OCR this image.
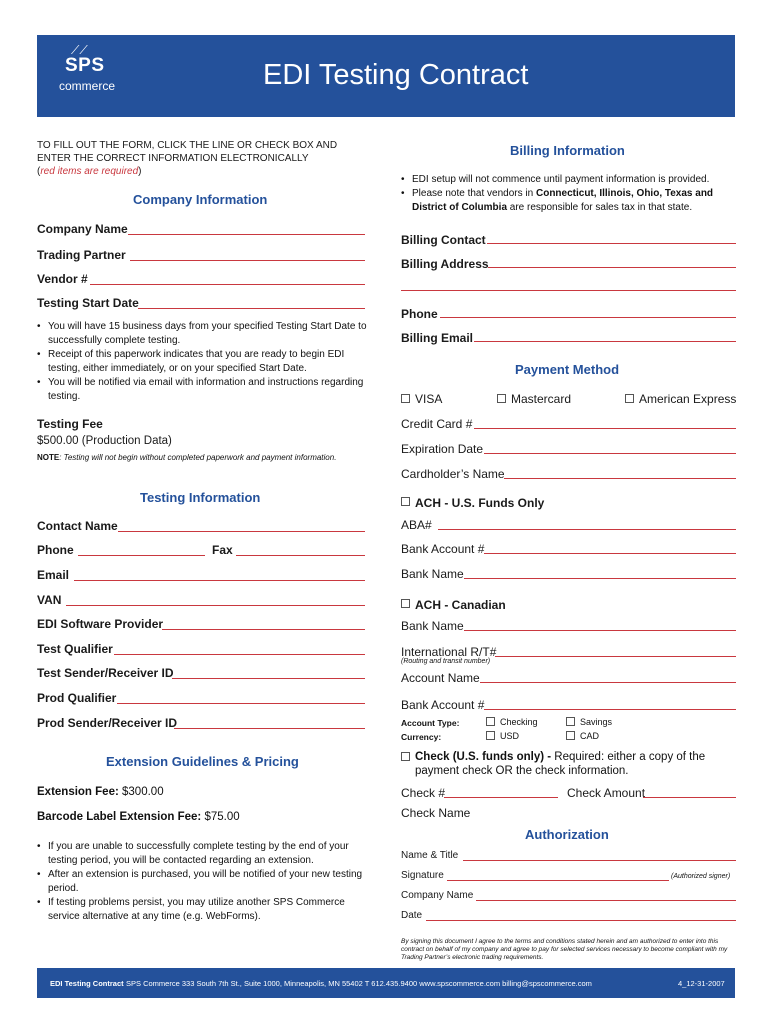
⟋⟋
SPS
commerce	EDI Testing Contract
TO FILL OUT THE FORM, CLICK THE LINE OR CHECK BOX AND
ENTER THE CORRECT INFORMATION ELECTRONICALLY
(red items are required)
Company Information
Company Name
Trading Partner
Vendor #
Testing Start Date
• You will have 15 business days from your specified Testing Start Date to successfully complete testing.
• Receipt of this paperwork indicates that you are ready to begin EDI testing, either immediately, or on your specified Start Date.
• You will be notified via email with information and instructions regarding testing.
Testing Fee
$500.00 (Production Data)
NOTE: Testing will not begin without completed paperwork and payment information.
Testing Information
Contact Name
Phone	Fax
Email
VAN
EDI Software Provider
Test Qualifier
Test Sender/Receiver ID
Prod Qualifier
Prod Sender/Receiver ID
Extension Guidelines & Pricing
Extension Fee: $300.00
Barcode Label Extension Fee: $75.00
• If you are unable to successfully complete testing by the end of your testing period, you will be contacted regarding an extension.
• After an extension is purchased, you will be notified of your new testing period.
• If testing problems persist, you may utilize another SPS Commerce service alternative at any time (e.g. WebForms).
Billing Information
• EDI setup will not commence until payment information is provided.
• Please note that vendors in Connecticut, Illinois, Ohio, Texas and District of Columbia are responsible for sales tax in that state.
Billing Contact
Billing Address
Phone
Billing Email
Payment Method
VISA	Mastercard	American Express
Credit Card #
Expiration Date
Cardholder’s Name
ACH - U.S. Funds Only
ABA#
Bank Account #
Bank Name
ACH - Canadian
Bank Name
International R/T#
(Routing and transit number)
Account Name
Bank Account #
Account Type:	Checking	Savings
Currency:	USD	CAD
Check (U.S. funds only) - Required: either a copy of the payment check OR the check information.
Check #	Check Amount
Check Name
Authorization
Name & Title
Signature	(Authorized signer)
Company Name
Date
By signing this document I agree to the terms and conditions stated herein and am authorized to enter into this contract on behalf of my company and agree to pay for selected services necessary to become compliant with my Trading Partner’s electronic trading requirements.
EDI Testing Contract SPS Commerce 333 South 7th St., Suite 1000, Minneapolis, MN 55402 T 612.435.9400 www.spscommerce.com billing@spscommerce.com	4_12-31-2007
